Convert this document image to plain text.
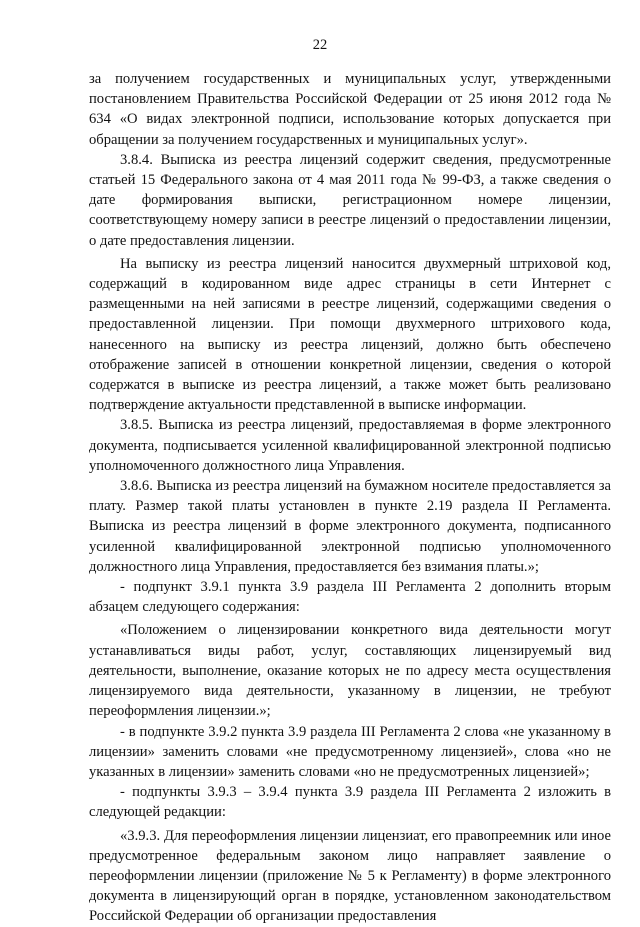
22

за получением государственных и муниципальных услуг, утвержденными постановлением Правительства Российской Федерации от 25 июня 2012 года № 634 «О видах электронной подписи, использование которых допускается при обращении за получением государственных и муниципальных услуг».

3.8.4. Выписка из реестра лицензий содержит сведения, предусмотренные статьей 15 Федерального закона от 4 мая 2011 года № 99-ФЗ, а также сведения о дате формирования выписки, регистрационном номере лицензии, соответствующему номеру записи в реестре лицензий о предоставлении лицензии, о дате предоставления лицензии.

На выписку из реестра лицензий наносится двухмерный штриховой код, содержащий в кодированном виде адрес страницы в сети Интернет с размещенными на ней записями в реестре лицензий, содержащими сведения о предоставленной лицензии. При помощи двухмерного штрихового кода, нанесенного на выписку из реестра лицензий, должно быть обеспечено отображение записей в отношении конкретной лицензии, сведения о которой содержатся в выписке из реестра лицензий, а также может быть реализовано подтверждение актуальности представленной в выписке информации.

3.8.5. Выписка из реестра лицензий, предоставляемая в форме электронного документа, подписывается усиленной квалифицированной электронной подписью уполномоченного должностного лица Управления.

3.8.6. Выписка из реестра лицензий на бумажном носителе предоставляется за плату. Размер такой платы установлен в пункте 2.19 раздела II Регламента. Выписка из реестра лицензий в форме электронного документа, подписанного усиленной квалифицированной электронной подписью уполномоченного должностного лица Управления, предоставляется без взимания платы.»;

- подпункт 3.9.1 пункта 3.9 раздела III Регламента 2 дополнить вторым абзацем следующего содержания:

«Положением о лицензировании конкретного вида деятельности могут устанавливаться виды работ, услуг, составляющих лицензируемый вид деятельности, выполнение, оказание которых не по адресу места осуществления лицензируемого вида деятельности, указанному в лицензии, не требуют переоформления лицензии.»;

- в подпункте 3.9.2 пункта 3.9 раздела III Регламента 2 слова «не указанному в лицензии» заменить словами «не предусмотренному лицензией», слова «но не указанных в лицензии» заменить словами «но не предусмотренных лицензией»;

- подпункты 3.9.3 – 3.9.4 пункта 3.9 раздела III Регламента 2 изложить в следующей редакции:

«3.9.3. Для переоформления лицензии лицензиат, его правопреемник или иное предусмотренное федеральным законом лицо направляет заявление о переоформлении лицензии (приложение № 5 к Регламенту) в форме электронного документа в лицензирующий орган в порядке, установленном законодательством Российской Федерации об организации предоставления
